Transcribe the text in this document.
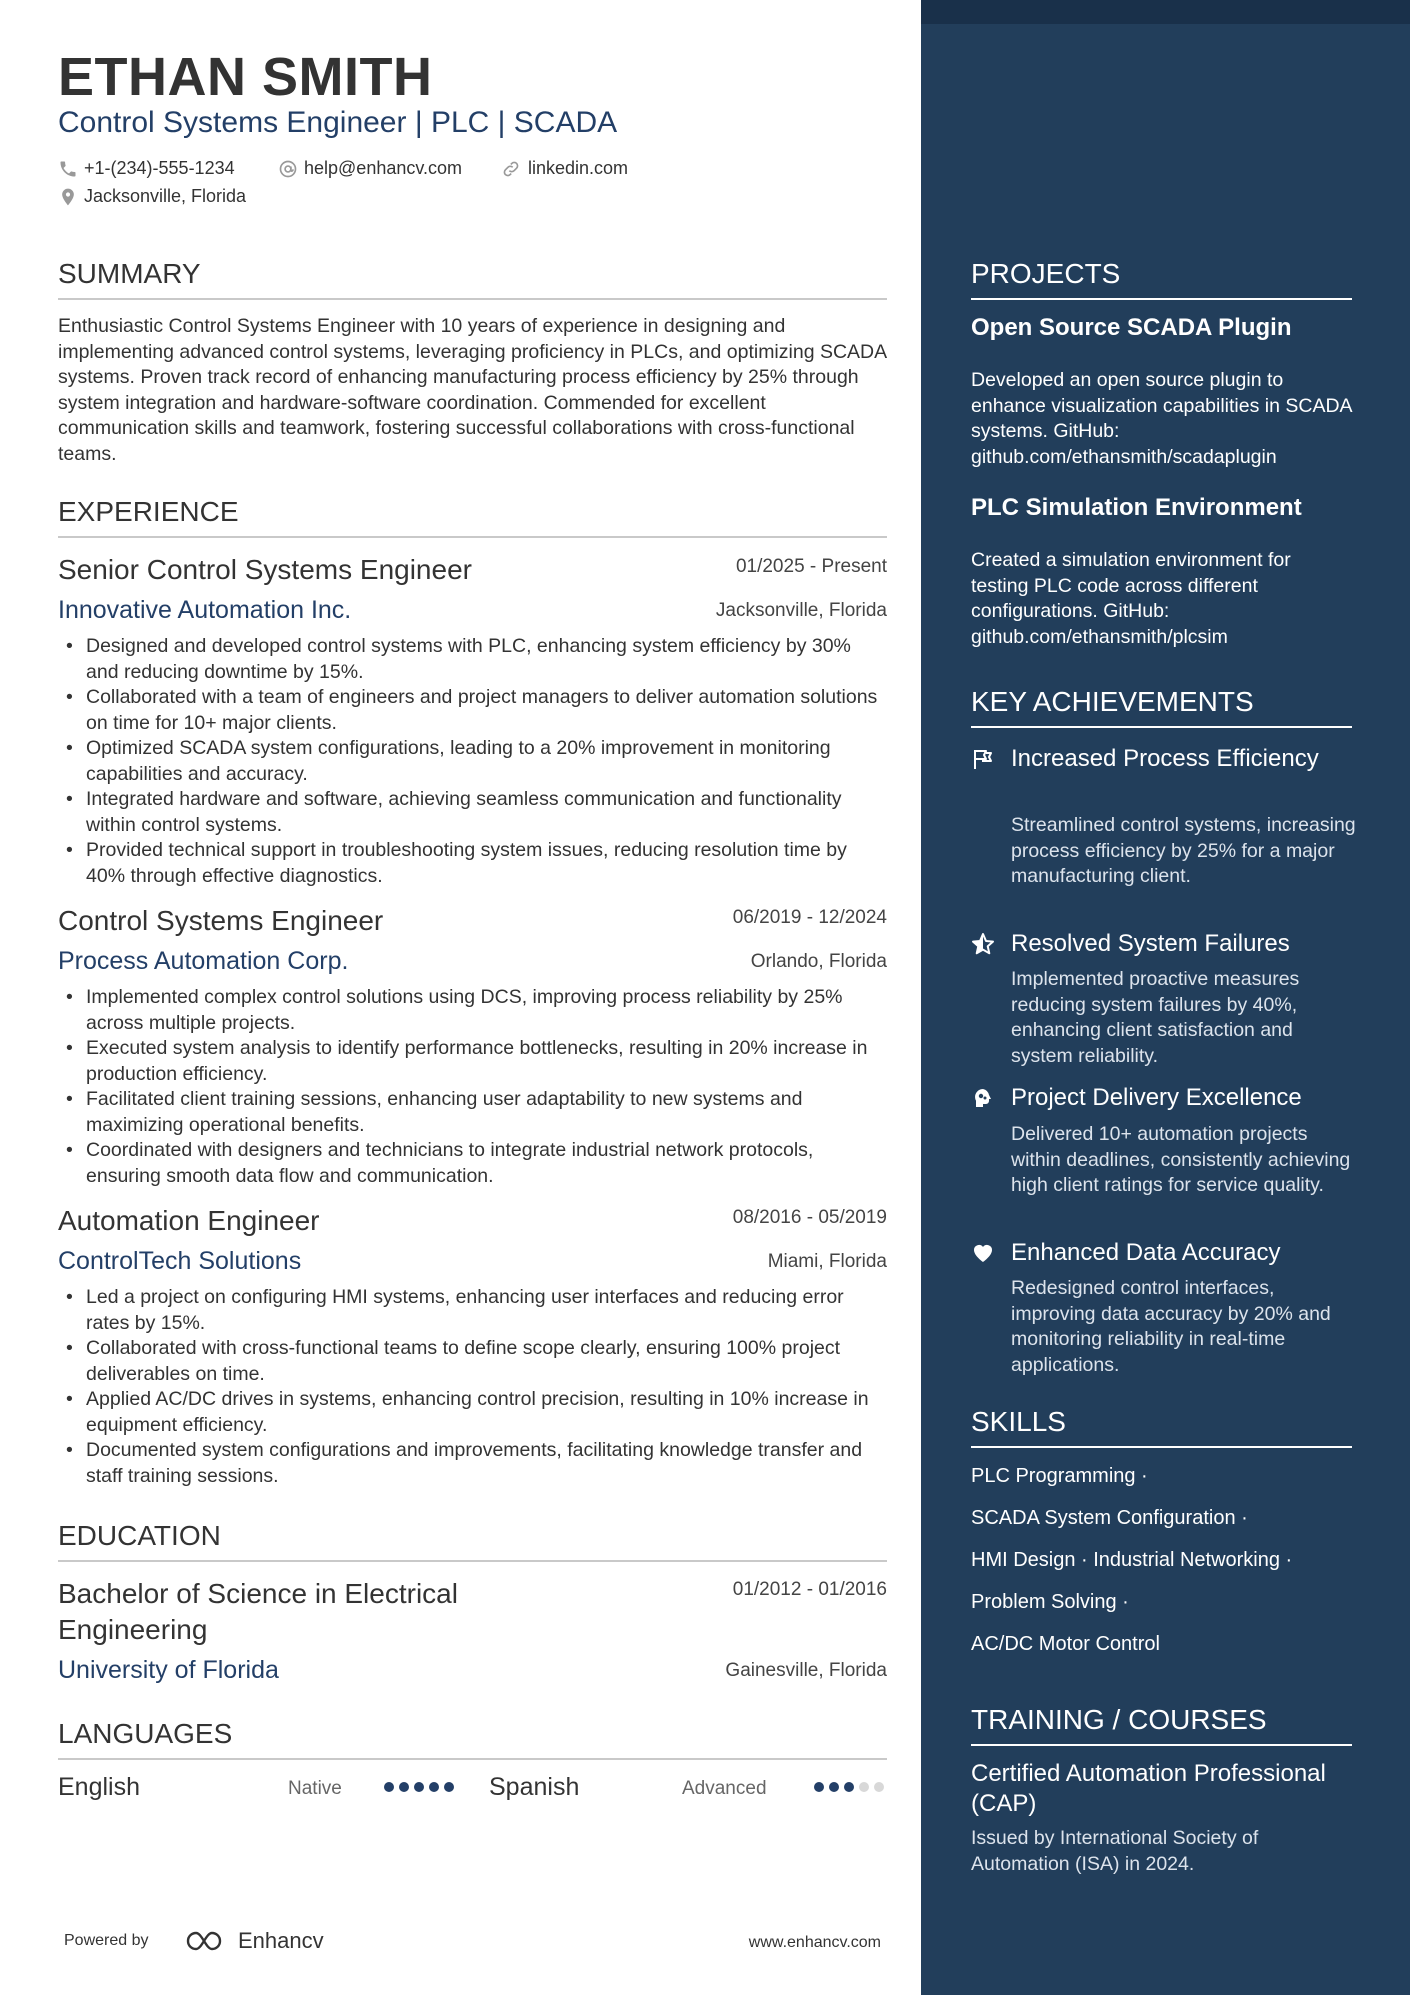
ETHAN SMITH
Control Systems Engineer | PLC | SCADA
+1-(234)-555-1234	help@enhancv.com	linkedin.com
Jacksonville, Florida
SUMMARY
Enthusiastic Control Systems Engineer with 10 years of experience in designing and implementing advanced control systems, leveraging proficiency in PLCs, and optimizing SCADA systems. Proven track record of enhancing manufacturing process efficiency by 25% through system integration and hardware-software coordination. Commended for excellent communication skills and teamwork, fostering successful collaborations with cross-functional teams.
EXPERIENCE
Senior Control Systems Engineer	01/2025 - Present
Innovative Automation Inc.	Jacksonville, Florida
• Designed and developed control systems with PLC, enhancing system efficiency by 30% and reducing downtime by 15%.
• Collaborated with a team of engineers and project managers to deliver automation solutions on time for 10+ major clients.
• Optimized SCADA system configurations, leading to a 20% improvement in monitoring capabilities and accuracy.
• Integrated hardware and software, achieving seamless communication and functionality within control systems.
• Provided technical support in troubleshooting system issues, reducing resolution time by 40% through effective diagnostics.
Control Systems Engineer	06/2019 - 12/2024
Process Automation Corp.	Orlando, Florida
• Implemented complex control solutions using DCS, improving process reliability by 25% across multiple projects.
• Executed system analysis to identify performance bottlenecks, resulting in 20% increase in production efficiency.
• Facilitated client training sessions, enhancing user adaptability to new systems and maximizing operational benefits.
• Coordinated with designers and technicians to integrate industrial network protocols, ensuring smooth data flow and communication.
Automation Engineer	08/2016 - 05/2019
ControlTech Solutions	Miami, Florida
• Led a project on configuring HMI systems, enhancing user interfaces and reducing error rates by 15%.
• Collaborated with cross-functional teams to define scope clearly, ensuring 100% project deliverables on time.
• Applied AC/DC drives in systems, enhancing control precision, resulting in 10% increase in equipment efficiency.
• Documented system configurations and improvements, facilitating knowledge transfer and staff training sessions.
EDUCATION
Bachelor of Science in Electrical
Engineering
01/2012 - 01/2016
University of Florida	Gainesville, Florida
LANGUAGES
English	Native	Spanish	Advanced
Powered by	Enhancv	www.enhancv.com
PROJECTS
Open Source SCADA Plugin
Developed an open source plugin to enhance visualization capabilities in SCADA systems. GitHub: github.com/ethansmith/scadaplugin
PLC Simulation Environment
Created a simulation environment for testing PLC code across different configurations. GitHub: github.com/ethansmith/plcsim
KEY ACHIEVEMENTS
Increased Process Efficiency
Streamlined control systems, increasing process efficiency by 25% for a major manufacturing client.
Resolved System Failures
Implemented proactive measures reducing system failures by 40%, enhancing client satisfaction and system reliability.
Project Delivery Excellence
Delivered 10+ automation projects within deadlines, consistently achieving high client ratings for service quality.
Enhanced Data Accuracy
Redesigned control interfaces, improving data accuracy by 20% and monitoring reliability in real-time applications.
SKILLS
PLC Programming ·
SCADA System Configuration ·
HMI Design · Industrial Networking ·
Problem Solving ·
AC/DC Motor Control
TRAINING / COURSES
Certified Automation Professional (CAP)
Issued by International Society of Automation (ISA) in 2024.
